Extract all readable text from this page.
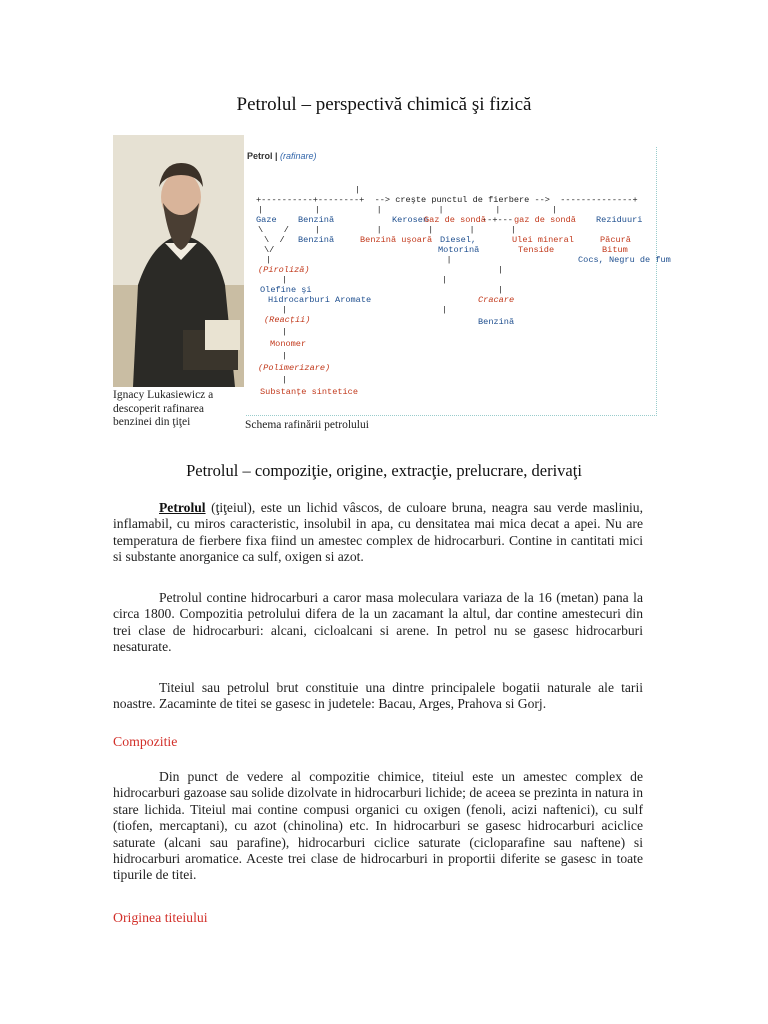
Petrolul – perspectivă chimică şi fizică
Ignacy Lukasiewicz a descoperit rafinarea benzinei din ţiţei
Petrol | (rafinare)
|
+----------+--------+  --> creşte punctul de fierbere -->  --------------+
|          |           |           |          |          |
Gaze Benzină	Kerosen
Gaz de sondă
--+--- gaz de sondă Reziduuri
\    /     |           |         |       |       |
\  / Benzină	Benzină uşoară Diesel,	Ulei mineral	Păcură
\/	Motorină	Tenside	Bitum
|                                  |	Cocs, Negru de fum
(Piroliză)	|
|                              |
Olefine şi	|
Hidrocarburi Aromate	Cracare
|                              |
(Reacţii)	Benzină
|
Monomer
|
(Polimerizare)
|
Substanţe sintetice
Schema rafinării petrolului
Petrolul – compoziţie, origine, extracţie, prelucrare, derivaţi
Petrolul (ţiţeiul), este un lichid vâscos, de culoare bruna, neagra sau verde masliniu, inflamabil, cu miros caracteristic, insolubil in apa, cu densitatea mai mica decat a apei. Nu are temperatura de fierbere fixa fiind un amestec complex de hidrocarburi. Contine in cantitati mici si substante anorganice ca sulf, oxigen si azot.
Petrolul contine hidrocarburi a caror masa moleculara variaza de la 16 (metan) pana la circa 1800. Compozitia petrolului difera de la un zacamant la altul, dar contine amestecuri din trei clase de hidrocarburi: alcani, cicloalcani si arene. In petrol nu se gasesc hidrocarburi nesaturate.
Titeiul sau petrolul brut constituie una dintre principalele bogatii naturale ale tarii noastre. Zacaminte de titei se gasesc in judetele: Bacau, Arges, Prahova si Gorj.
Compozitie
Din punct de vedere al compozitie chimice, titeiul este un amestec complex de hidrocarburi gazoase sau solide dizolvate in hidrocarburi lichide; de aceea se prezinta in natura in stare lichida. Titeiul mai contine compusi organici cu oxigen (fenoli, acizi naftenici), cu sulf (tiofen, mercaptani), cu azot (chinolina) etc. In hidrocarburi se gasesc hidrocarburi aciclice saturate (alcani sau parafine), hidrocarburi ciclice saturate (cicloparafine sau naftene) si hidrocarburi aromatice. Aceste trei clase de hidrocarburi in proportii diferite se gasesc in toate tipurile de titei.
Originea titeiului
